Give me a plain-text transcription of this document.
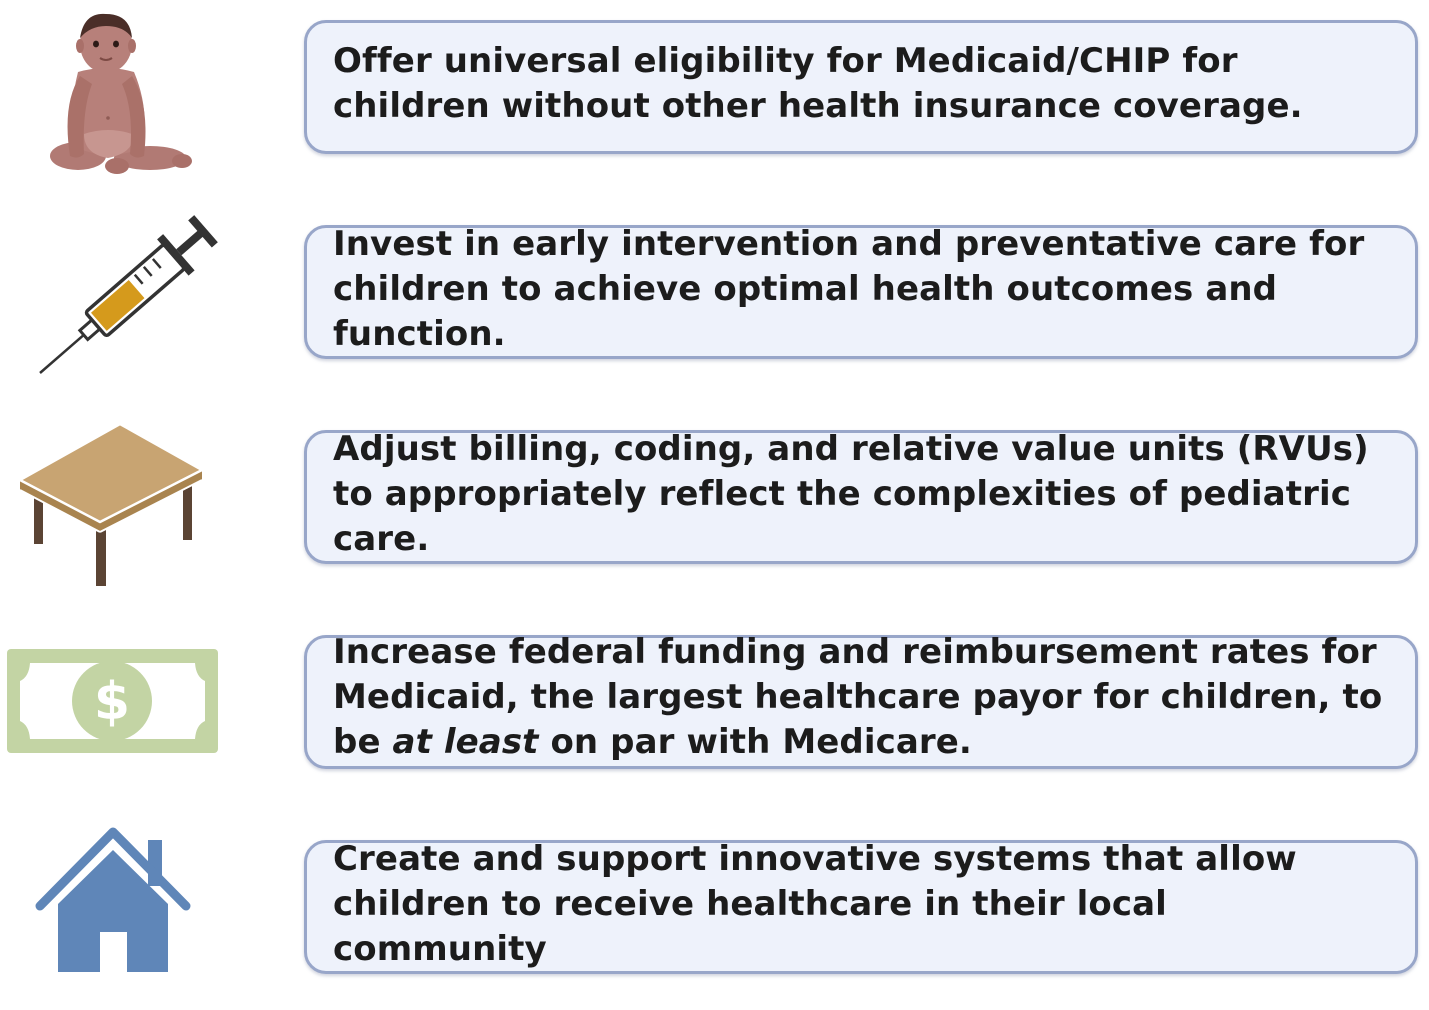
Offer universal eligibility for Medicaid/CHIP for children without other health insurance coverage.
Invest in early intervention and preventative care for children to achieve optimal health outcomes and function.
Adjust billing, coding, and relative value units (RVUs) to appropriately reflect the complexities of pediatric care.
$
Increase federal funding and reimbursement rates for Medicaid, the largest healthcare payor for children, to be at least on par with Medicare.
Create and support innovative systems that allow children to receive healthcare in their local community
